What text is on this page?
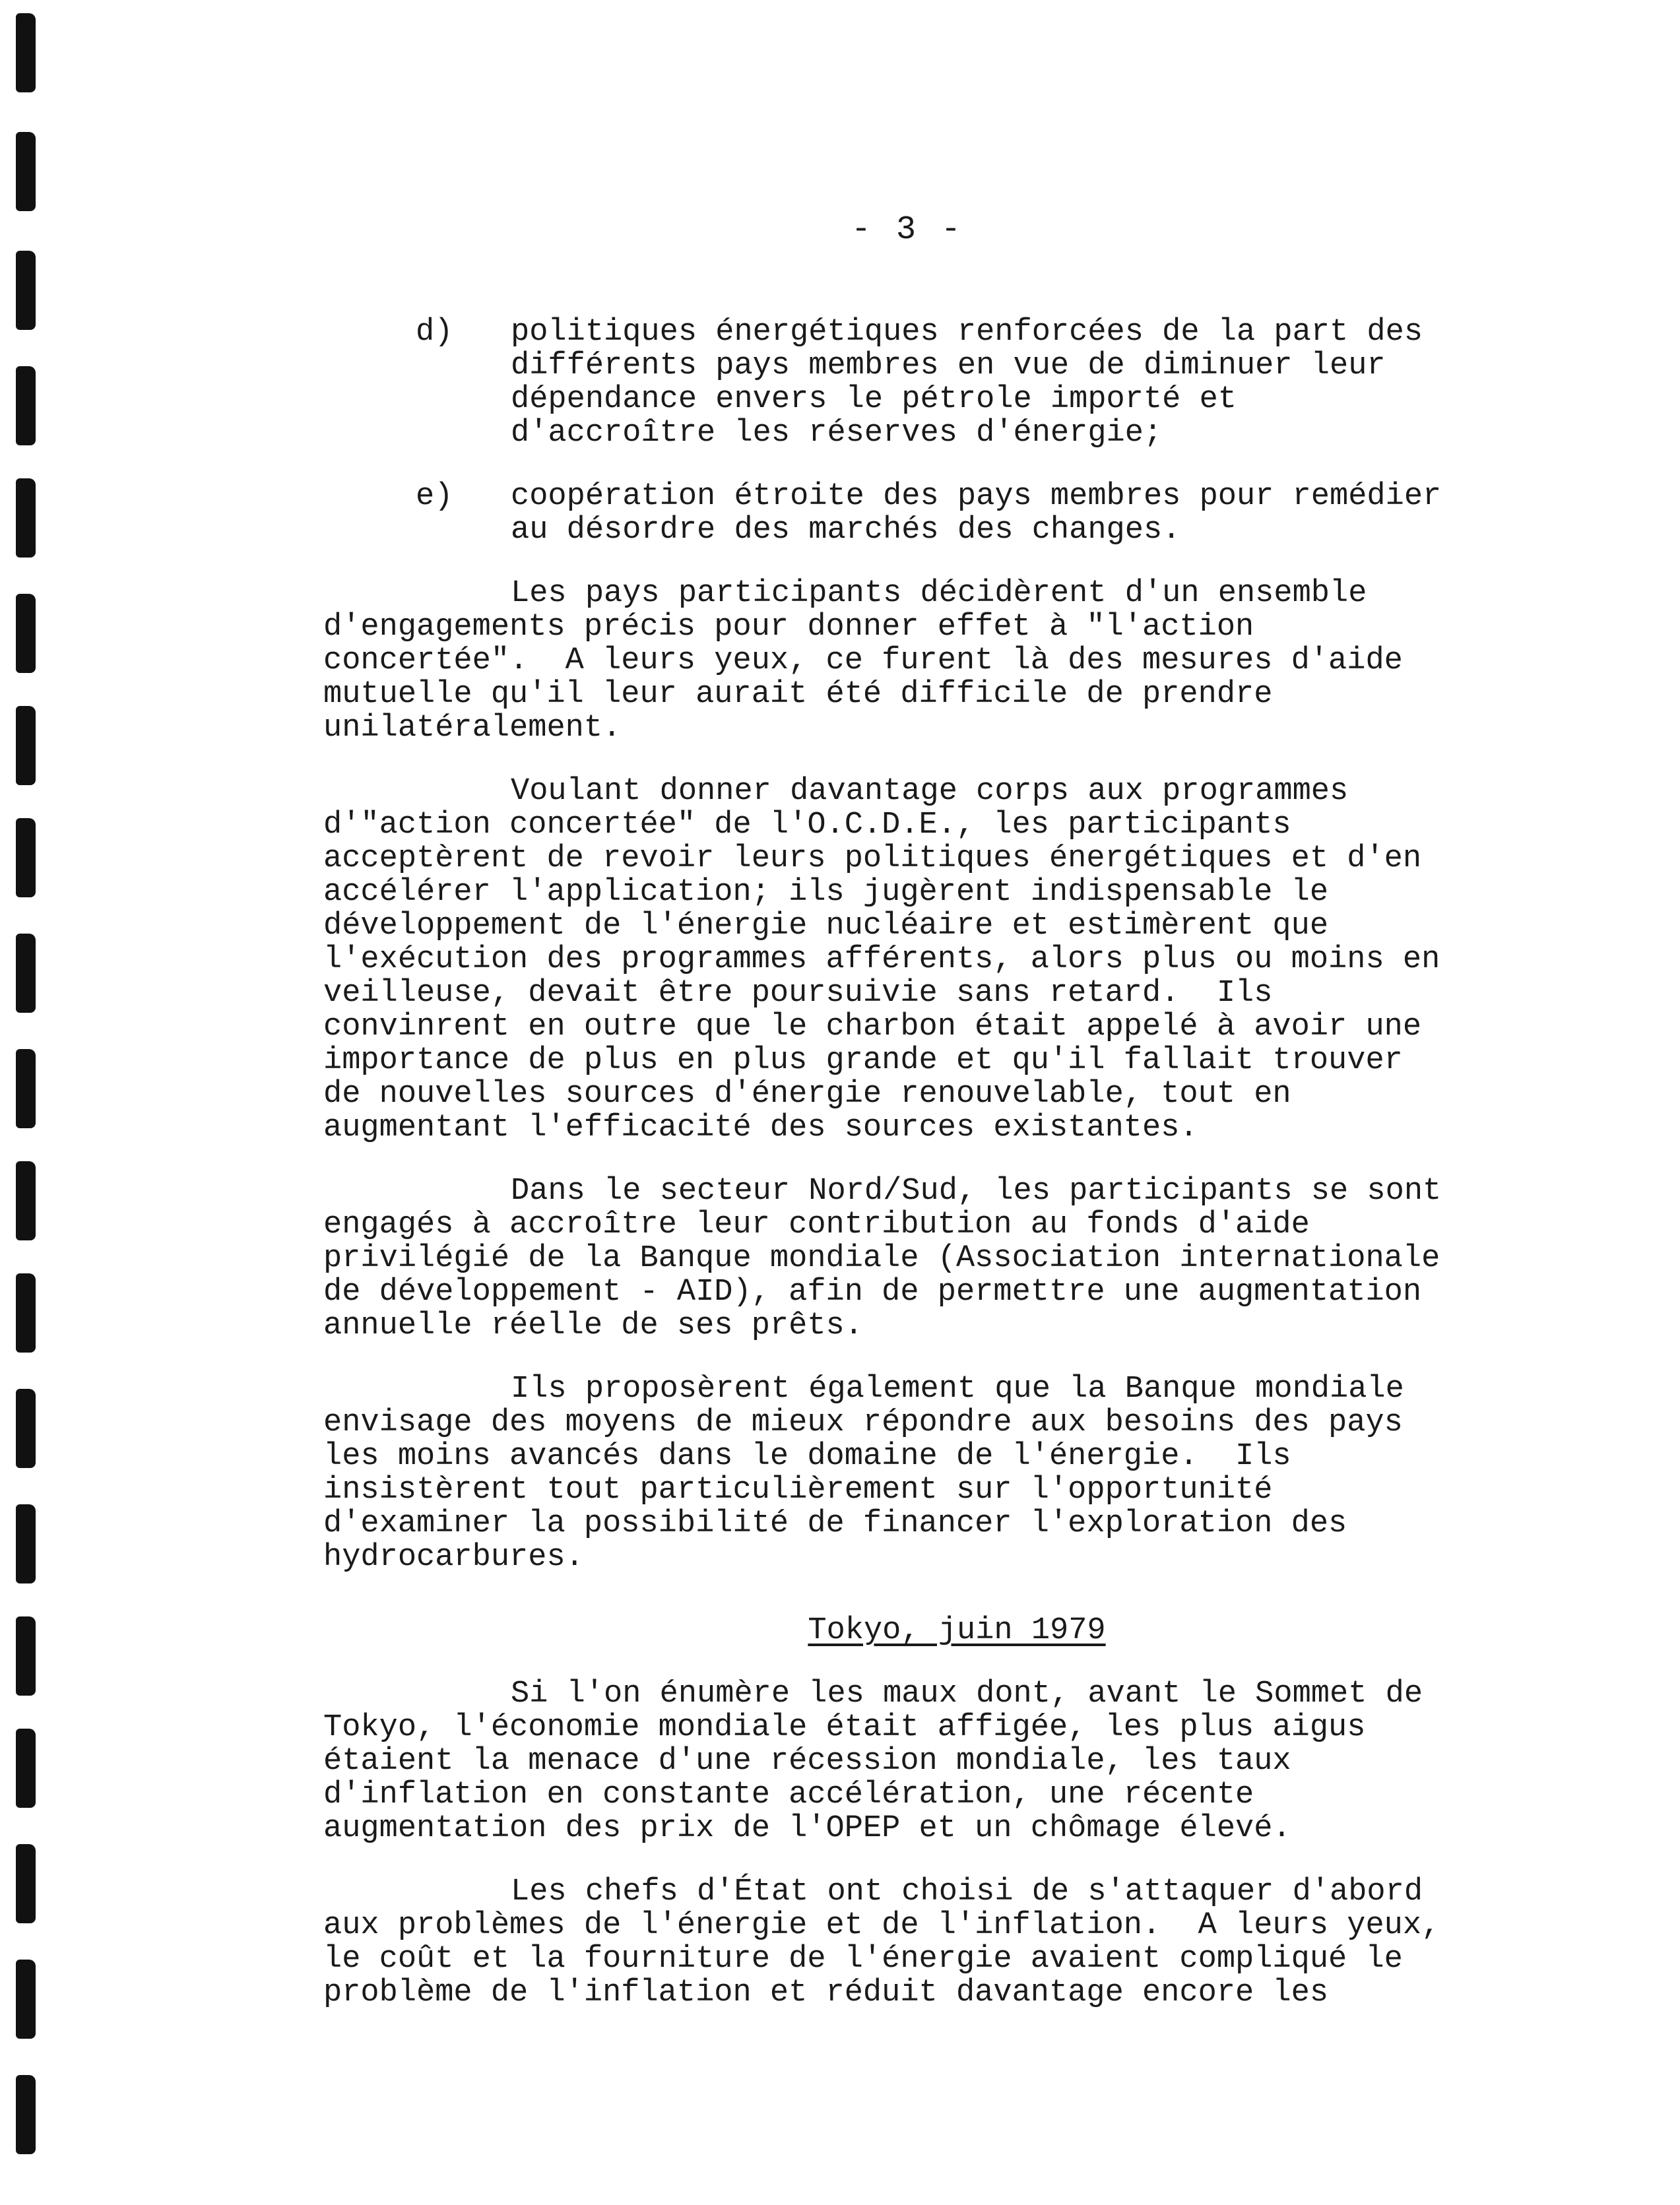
- 3 -
d) politiques énergétiques renforcées de la part des
différents pays membres en vue de diminuer leur
dépendance envers le pétrole importé et
d'accroître les réserves d'énergie;
e) coopération étroite des pays membres pour remédier
au désordre des marchés des changes.
Les pays participants décidèrent d'un ensemble
d'engagements précis pour donner effet à "l'action
concertée".  A leurs yeux, ce furent là des mesures d'aide
mutuelle qu'il leur aurait été difficile de prendre
unilatéralement.
Voulant donner davantage corps aux programmes
d'"action concertée" de l'O.C.D.E., les participants
acceptèrent de revoir leurs politiques énergétiques et d'en
accélérer l'application; ils jugèrent indispensable le
développement de l'énergie nucléaire et estimèrent que
l'exécution des programmes afférents, alors plus ou moins en
veilleuse, devait être poursuivie sans retard.  Ils
convinrent en outre que le charbon était appelé à avoir une
importance de plus en plus grande et qu'il fallait trouver
de nouvelles sources d'énergie renouvelable, tout en
augmentant l'efficacité des sources existantes.
Dans le secteur Nord/Sud, les participants se sont
engagés à accroître leur contribution au fonds d'aide
privilégié de la Banque mondiale (Association internationale
de développement - AID), afin de permettre une augmentation
annuelle réelle de ses prêts.
Ils proposèrent également que la Banque mondiale
envisage des moyens de mieux répondre aux besoins des pays
les moins avancés dans le domaine de l'énergie.  Ils
insistèrent tout particulièrement sur l'opportunité
d'examiner la possibilité de financer l'exploration des
hydrocarbures.
Tokyo, juin 1979
Si l'on énumère les maux dont, avant le Sommet de
Tokyo, l'économie mondiale était affigée, les plus aigus
étaient la menace d'une récession mondiale, les taux
d'inflation en constante accélération, une récente
augmentation des prix de l'OPEP et un chômage élevé.
Les chefs d'État ont choisi de s'attaquer d'abord
aux problèmes de l'énergie et de l'inflation.  A leurs yeux,
le coût et la fourniture de l'énergie avaient compliqué le
problème de l'inflation et réduit davantage encore les
